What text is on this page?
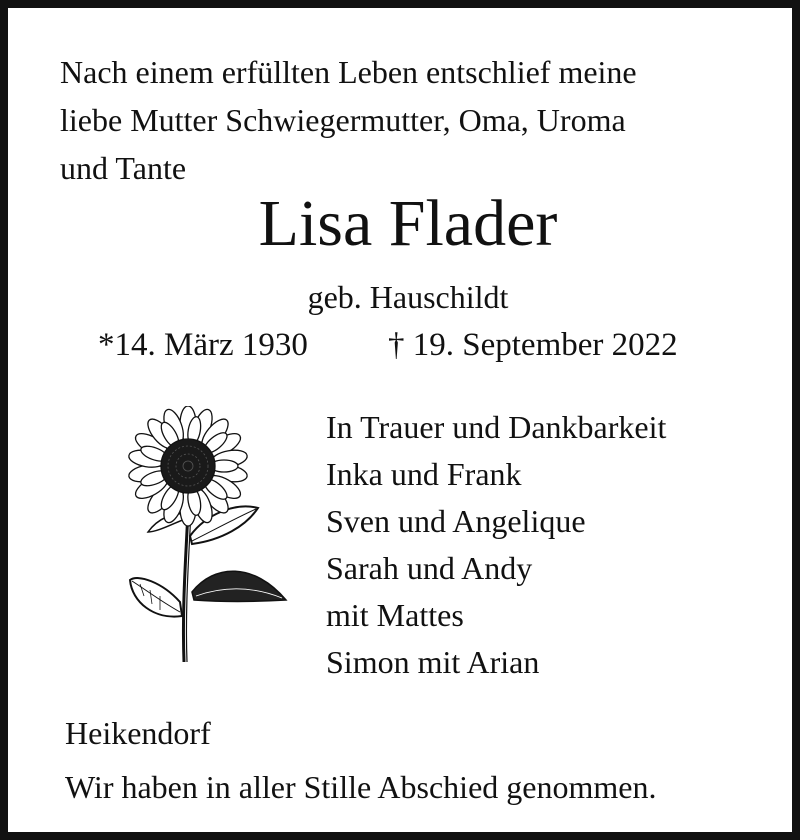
Nach einem erfüllten Leben entschlief meine
liebe Mutter Schwiegermutter, Oma, Uroma
und Tante
Lisa Flader
geb. Hauschildt
*14. März 1930 † 19. September 2022
In Trauer und Dankbarkeit
Inka und Frank
Sven und Angelique
Sarah und Andy
mit Mattes
Simon mit Arian
Heikendorf
Wir haben in aller Stille Abschied genommen.
